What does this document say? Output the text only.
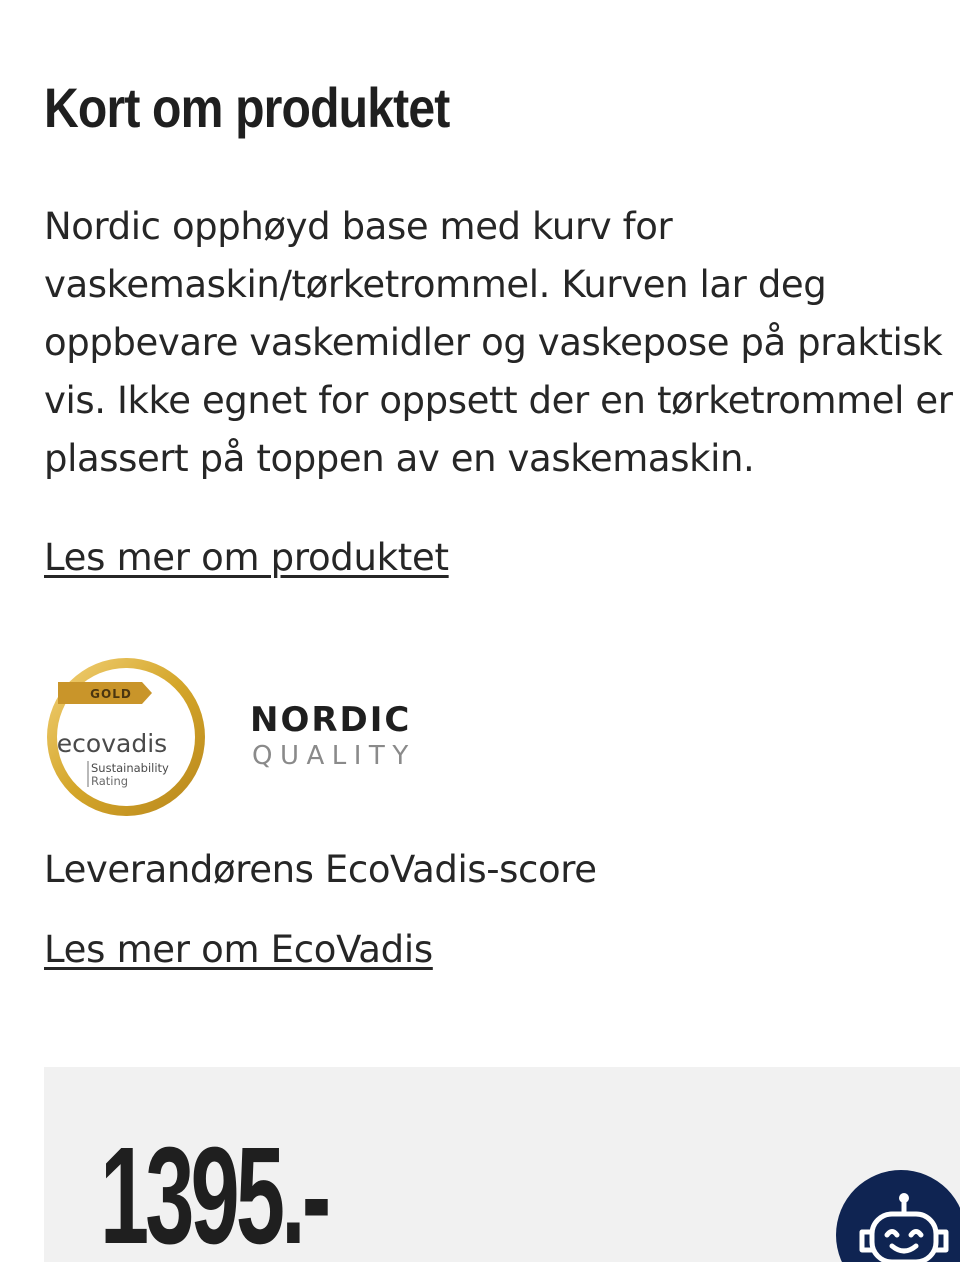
Kort om produktet

Nordic opphøyd base med kurv for
vaskemaskin/tørketrommel. Kurven lar deg
oppbevare vaskemidler og vaskepose på praktisk
vis. Ikke egnet for oppsett der en tørketrommel er
plassert på toppen av en vaskemaskin.

Les mer om produktet
GOLD
ecovadis
Sustainability
Rating
NORDIC
QUALITY
Leverandørens EcoVadis-score
Les mer om EcoVadis
1395.-
